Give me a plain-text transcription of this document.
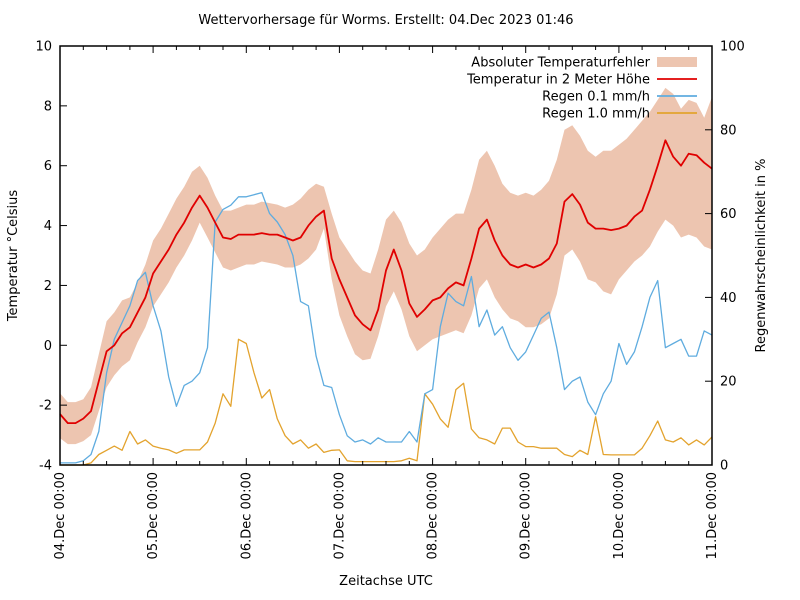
Wettervorhersage für Worms. Erstellt: 04.Dec 2023 01:46
04.Dec 00:00	05.Dec 00:00	06.Dec 00:00	07.Dec 00:00	08.Dec 00:00	09.Dec 00:00	10.Dec 00:00	11.Dec 00:00
10
8
6
4
2
0
-2
-4
100
80
60
40
20
0
Temperatur °Celsius	Regenwahrscheinlichkeit in %
Zeitachse UTC
Absoluter Temperaturfehler
Temperatur in 2 Meter Höhe
Regen 0.1 mm/h
Regen 1.0 mm/h
